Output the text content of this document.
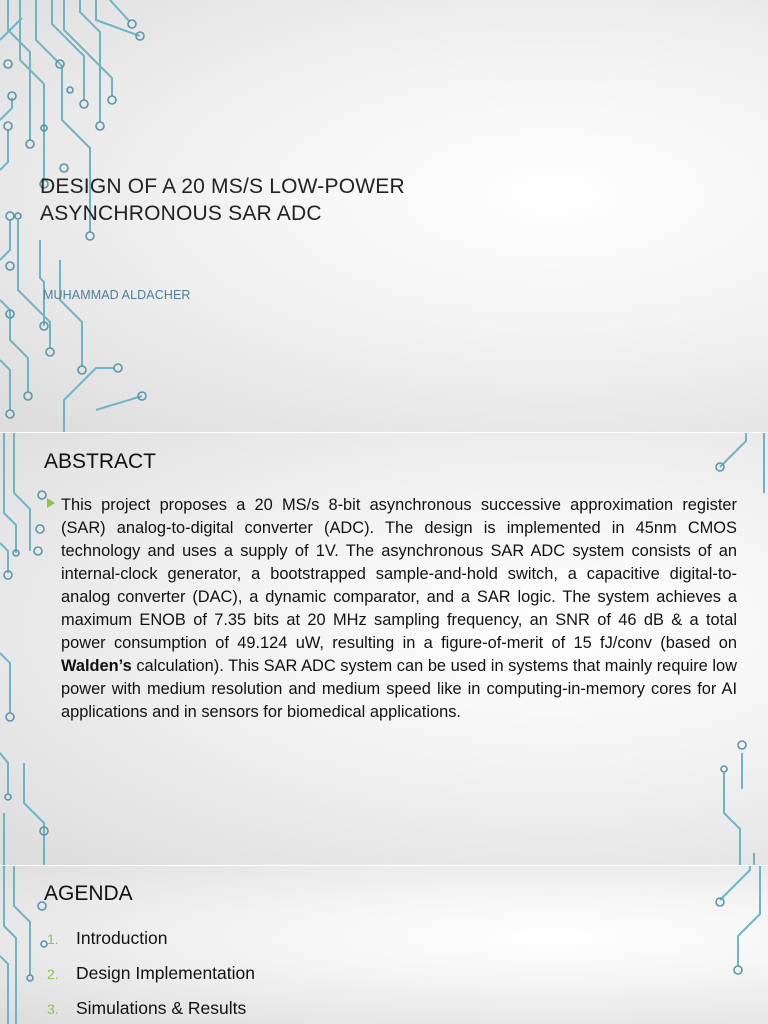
DESIGN OF A 20 MS/S LOW-POWER
ASYNCHRONOUS SAR ADC
MUHAMMAD ALDACHER
ABSTRACT
This project proposes a 20 MS/s 8-bit asynchronous successive approximation register (SAR) analog-to-digital converter (ADC). The design is implemented in 45nm CMOS technology and uses a supply of 1V. The asynchronous SAR ADC system consists of an internal-clock generator, a bootstrapped sample-and-hold switch, a capacitive digital-to-analog converter (DAC), a dynamic comparator, and a SAR logic. The system achieves a maximum ENOB of 7.35 bits at 20 MHz sampling frequency, an SNR of 46 dB & a total power consumption of 49.124 uW, resulting in a figure-of-merit of 15 fJ/conv (based on Walden’s calculation). This SAR ADC system can be used in systems that mainly require low power with medium resolution and medium speed like in computing-in-memory cores for AI applications and in sensors for biomedical applications.
AGENDA
1. Introduction
2. Design Implementation
3. Simulations & Results
